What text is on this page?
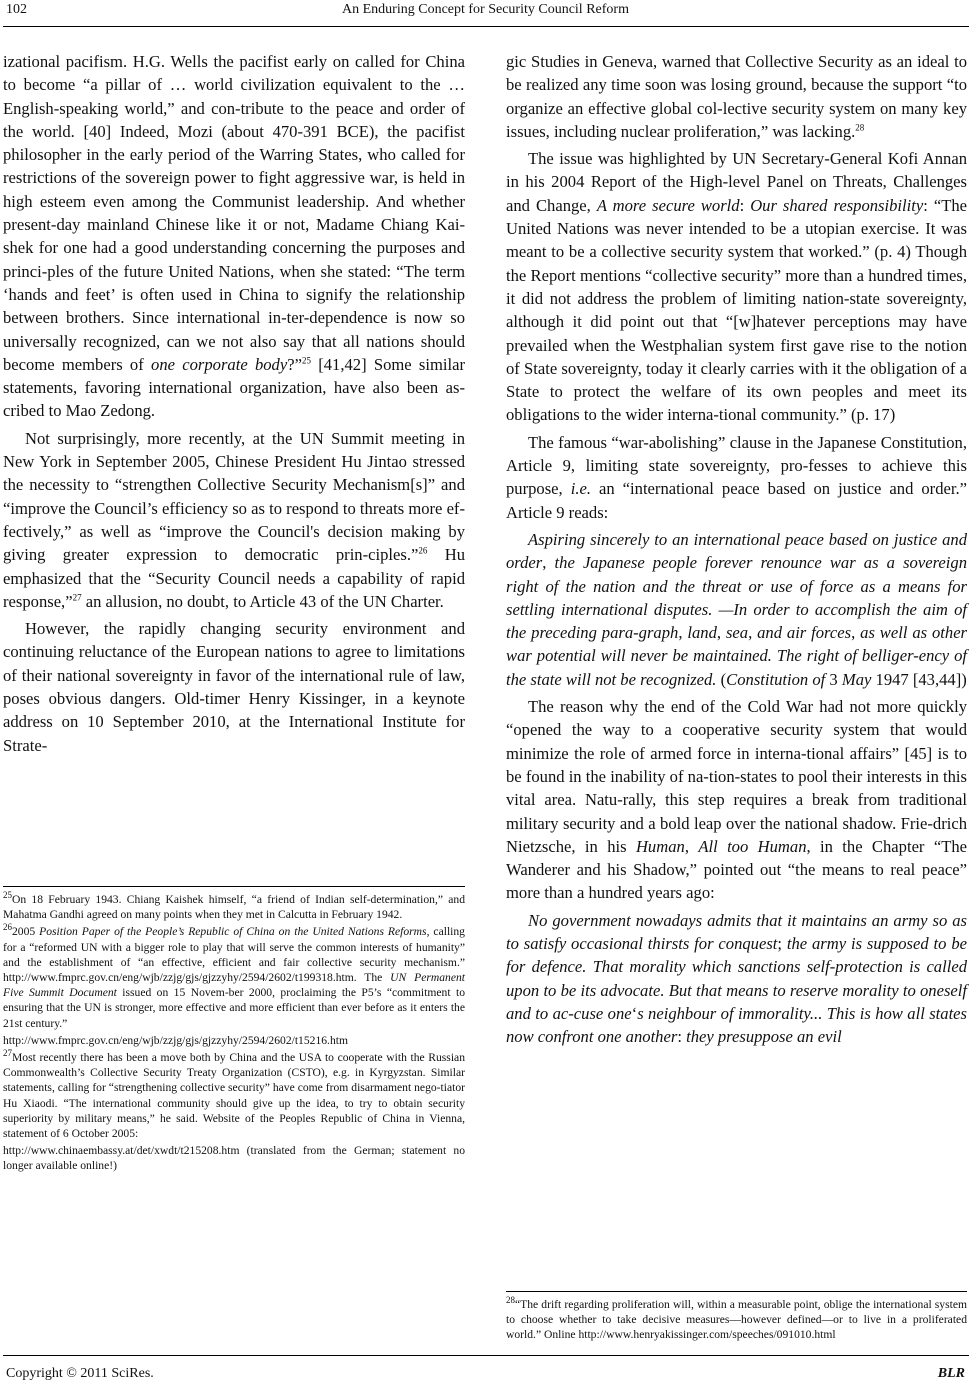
102	An Enduring Concept for Security Council Reform

izational pacifism. H.G. Wells the pacifist early on called for China to become “a pillar of … world civilization equivalent to the … English-speaking world,” and con-tribute to the peace and order of the world. [40] Indeed, Mozi (about 470-391 BCE), the pacifist philosopher in the early period of the Warring States, who called for restrictions of the sovereign power to fight aggressive war, is held in high esteem even among the Communist leadership. And whether present-day mainland Chinese like it or not, Madame Chiang Kai-shek for one had a good understanding concerning the purposes and princi-ples of the future United Nations, when she stated: “The term ‘hands and feet’ is often used in China to signify the relationship between brothers. Since international in-ter-dependence is now so universally recognized, can we not also say that all nations should become members of one corporate body?”$^{25}$ [41,42] Some similar statements, favoring international organization, have also been as-cribed to Mao Zedong.

Not surprisingly, more recently, at the UN Summit meeting in New York in September 2005, Chinese President Hu Jintao stressed the necessity to “strengthen Collective Security Mechanism[s]” and “improve the Council’s efficiency so as to respond to threats more ef-fectively,” as well as “improve the Council's decision making by giving greater expression to democratic prin-ciples.”$^{26}$ Hu emphasized that the “Security Council needs a capability of rapid response,”$^{27}$ an allusion, no doubt, to Article 43 of the UN Charter.

However, the rapidly changing security environment and continuing reluctance of the European nations to agree to limitations of their national sovereignty in favor of the international rule of law, poses obvious dangers. Old-timer Henry Kissinger, in a keynote address on 10 September 2010, at the International Institute for Strate-

$^{25}$On 18 February 1943. Chiang Kaishek himself, “a friend of Indian self-determination,” and Mahatma Gandhi agreed on many points when they met in Calcutta in February 1942.

$^{26}$2005 Position Paper of the People’s Republic of China on the United Nations Reforms, calling for a “reformed UN with a bigger role to play that will serve the common interests of humanity” and the establishment of “an effective, efficient and fair collective security mechanism.” http://www.fmprc.gov.cn/eng/wjb/zzjg/gjs/gjzzyhy/2594/2602/t199318.htm. The UN Permanent Five Summit Document issued on 15 Novem-ber 2000, proclaiming the P5’s “commitment to ensuring that the UN is stronger, more effective and more efficient than ever before as it enters the 21st century.”

http://www.fmprc.gov.cn/eng/wjb/zzjg/gjs/gjzzyhy/2594/2602/t15216.htm

$^{27}$Most recently there has been a move both by China and the USA to cooperate with the Russian Commonwealth’s Collective Security Treaty Organization (CSTO), e.g. in Kyrgyzstan. Similar statements, calling for “strengthening collective security” have come from disarmament nego-tiator Hu Xiaodi. “The international community should give up the idea, to try to obtain security superiority by military means,” he said. Website of the Peoples Republic of China in Vienna, statement of 6 October 2005:

http://www.chinaembassy.at/det/xwdt/t215208.htm (translated from the German; statement no longer available online!)

gic Studies in Geneva, warned that Collective Security as an ideal to be realized any time soon was losing ground, because the support “to organize an effective global col-lective security system on many key issues, including nuclear proliferation,” was lacking.$^{28}$

The issue was highlighted by UN Secretary-General Kofi Annan in his 2004 Report of the High-level Panel on Threats, Challenges and Change, A more secure world: Our shared responsibility: “The United Nations was never intended to be a utopian exercise. It was meant to be a collective security system that worked.” (p. 4) Though the Report mentions “collective security” more than a hundred times, it did not address the problem of limiting nation-state sovereignty, although it did point out that “[w]hatever perceptions may have prevailed when the Westphalian system first gave rise to the notion of State sovereignty, today it clearly carries with it the obligation of a State to protect the welfare of its own peoples and meet its obligations to the wider interna-tional community.” (p. 17)

The famous “war-abolishing” clause in the Japanese Constitution, Article 9, limiting state sovereignty, pro-fesses to achieve this purpose, i.e. an “international peace based on justice and order.” Article 9 reads:

Aspiring sincerely to an international peace based on justice and order, the Japanese people forever renounce war as a sovereign right of the nation and the threat or use of force as a means for settling international disputes. —In order to accomplish the aim of the preceding para-graph, land, sea, and air forces, as well as other war potential will never be maintained. The right of belliger-ency of the state will not be recognized. (Constitution of 3 May 1947 [43,44])

The reason why the end of the Cold War had not more quickly “opened the way to a cooperative security system that would minimize the role of armed force in interna-tional affairs” [45] is to be found in the inability of na-tion-states to pool their interests in this vital area. Natu-rally, this step requires a break from traditional military security and a bold leap over the national shadow. Frie-drich Nietzsche, in his Human, All too Human, in the Chapter “The Wanderer and his Shadow,” pointed out “the means to real peace” more than a hundred years ago:

No government nowadays admits that it maintains an army so as to satisfy occasional thirsts for conquest; the army is supposed to be for defence. That morality which sanctions self-protection is called upon to be its advocate. But that means to reserve morality to oneself and to ac-cuse one‘s neighbour of immorality... This is how all states now confront one another: they presuppose an evil

$^{28}$“The drift regarding proliferation will, within a measurable point, oblige the international system to choose whether to take decisive measures—however defined—or to live in a proliferated world.” Online http://www.henryakissinger.com/speeches/091010.html

Copyright © 2011 SciRes.	BLR
